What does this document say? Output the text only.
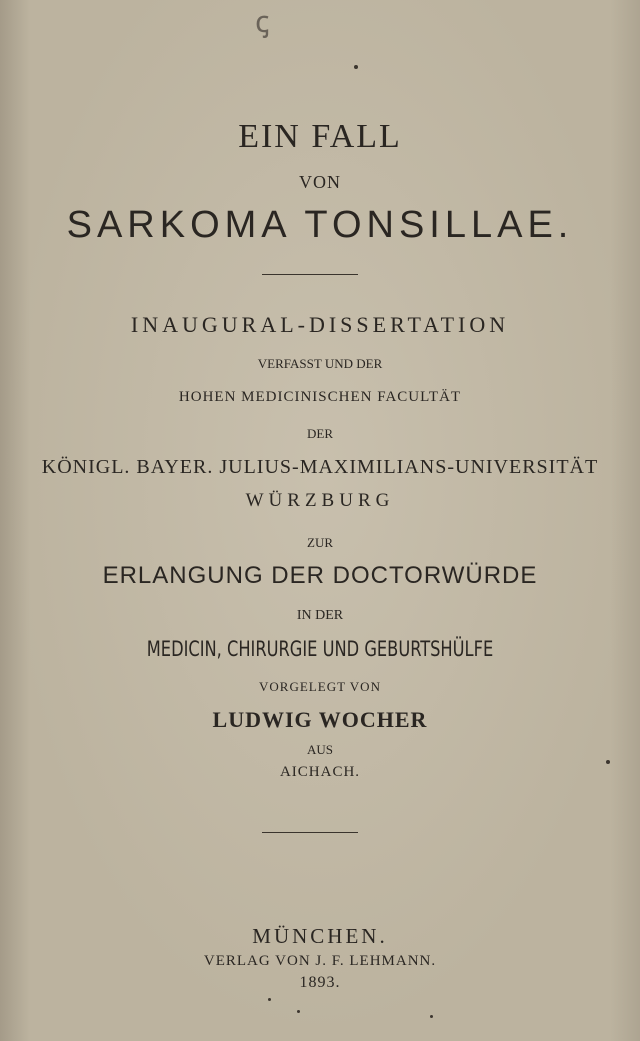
ꞔ
EIN FALL
VON
SARKOMA TONSILLAE.
INAUGURAL-DISSERTATION
VERFASST UND DER
HOHEN MEDICINISCHEN FACULTÄT
DER
KÖNIGL. BAYER. JULIUS-MAXIMILIANS-UNIVERSITÄT
WÜRZBURG
ZUR
ERLANGUNG DER DOCTORWÜRDE
IN DER
MEDICIN, CHIRURGIE UND GEBURTSHÜLFE
VORGELEGT VON
LUDWIG WOCHER
AUS
AICHACH.
MÜNCHEN.
VERLAG VON J. F. LEHMANN.
1893.
